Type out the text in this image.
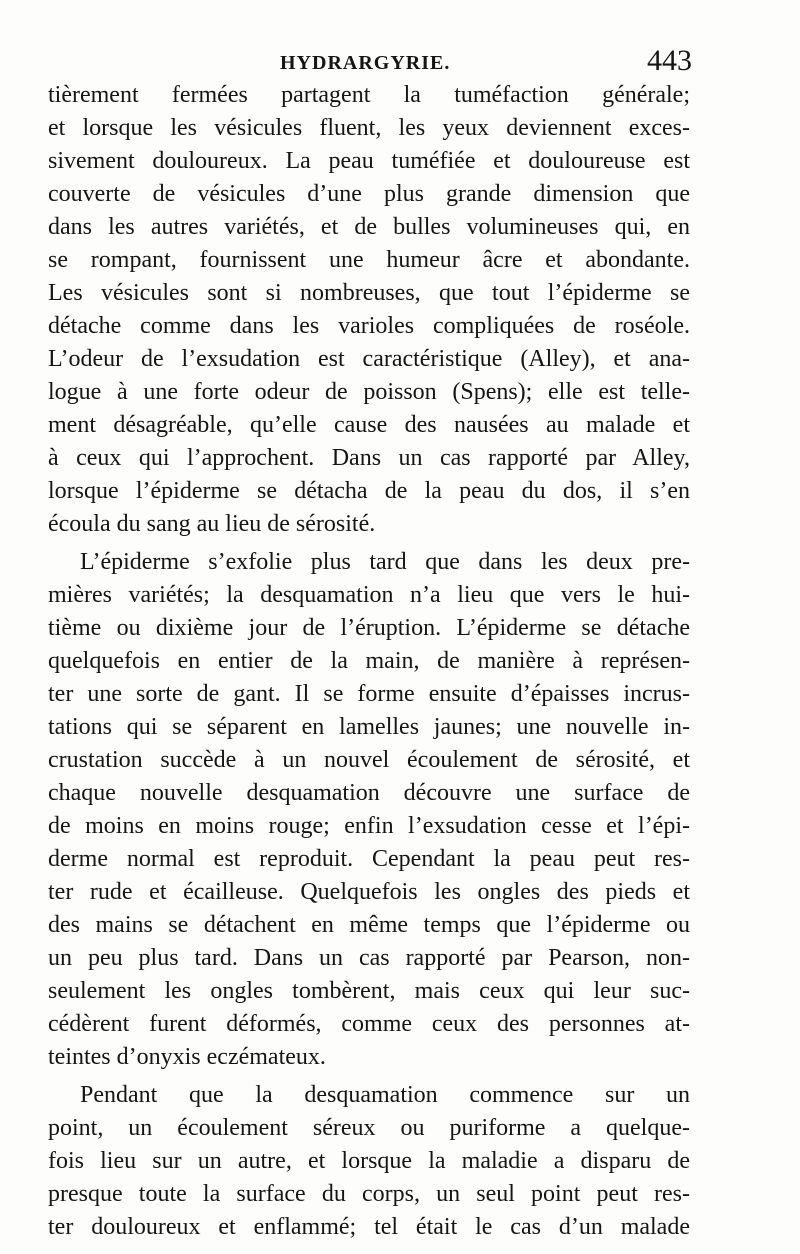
HYDRARGYRIE.	443
tièrement fermées partagent la tuméfaction générale;
et lorsque les vésicules fluent, les yeux deviennent exces-
sivement douloureux. La peau tuméfiée et douloureuse est
couverte de vésicules d’une plus grande dimension que
dans les autres variétés, et de bulles volumineuses qui, en
se rompant, fournissent une humeur âcre et abondante.
Les vésicules sont si nombreuses, que tout l’épiderme se
détache comme dans les varioles compliquées de roséole.
L’odeur de l’exsudation est caractéristique (Alley), et ana-
logue à une forte odeur de poisson (Spens); elle est telle-
ment désagréable, qu’elle cause des nausées au malade et
à ceux qui l’approchent. Dans un cas rapporté par Alley,
lorsque l’épiderme se détacha de la peau du dos, il s’en
écoula du sang au lieu de sérosité.
L’épiderme s’exfolie plus tard que dans les deux pre-
mières variétés; la desquamation n’a lieu que vers le hui-
tième ou dixième jour de l’éruption. L’épiderme se détache
quelquefois en entier de la main, de manière à représen-
ter une sorte de gant. Il se forme ensuite d’épaisses incrus-
tations qui se séparent en lamelles jaunes; une nouvelle in-
crustation succède à un nouvel écoulement de sérosité, et
chaque nouvelle desquamation découvre une surface de
de moins en moins rouge; enfin l’exsudation cesse et l’épi-
derme normal est reproduit. Cependant la peau peut res-
ter rude et écailleuse. Quelquefois les ongles des pieds et
des mains se détachent en même temps que l’épiderme ou
un peu plus tard. Dans un cas rapporté par Pearson, non-
seulement les ongles tombèrent, mais ceux qui leur suc-
cédèrent furent déformés, comme ceux des personnes at-
teintes d’onyxis eczémateux.
Pendant que la desquamation commence sur un
point, un écoulement séreux ou puriforme a quelque-
fois lieu sur un autre, et lorsque la maladie a disparu de
presque toute la surface du corps, un seul point peut res-
ter douloureux et enflammé; tel était le cas d’un malade
